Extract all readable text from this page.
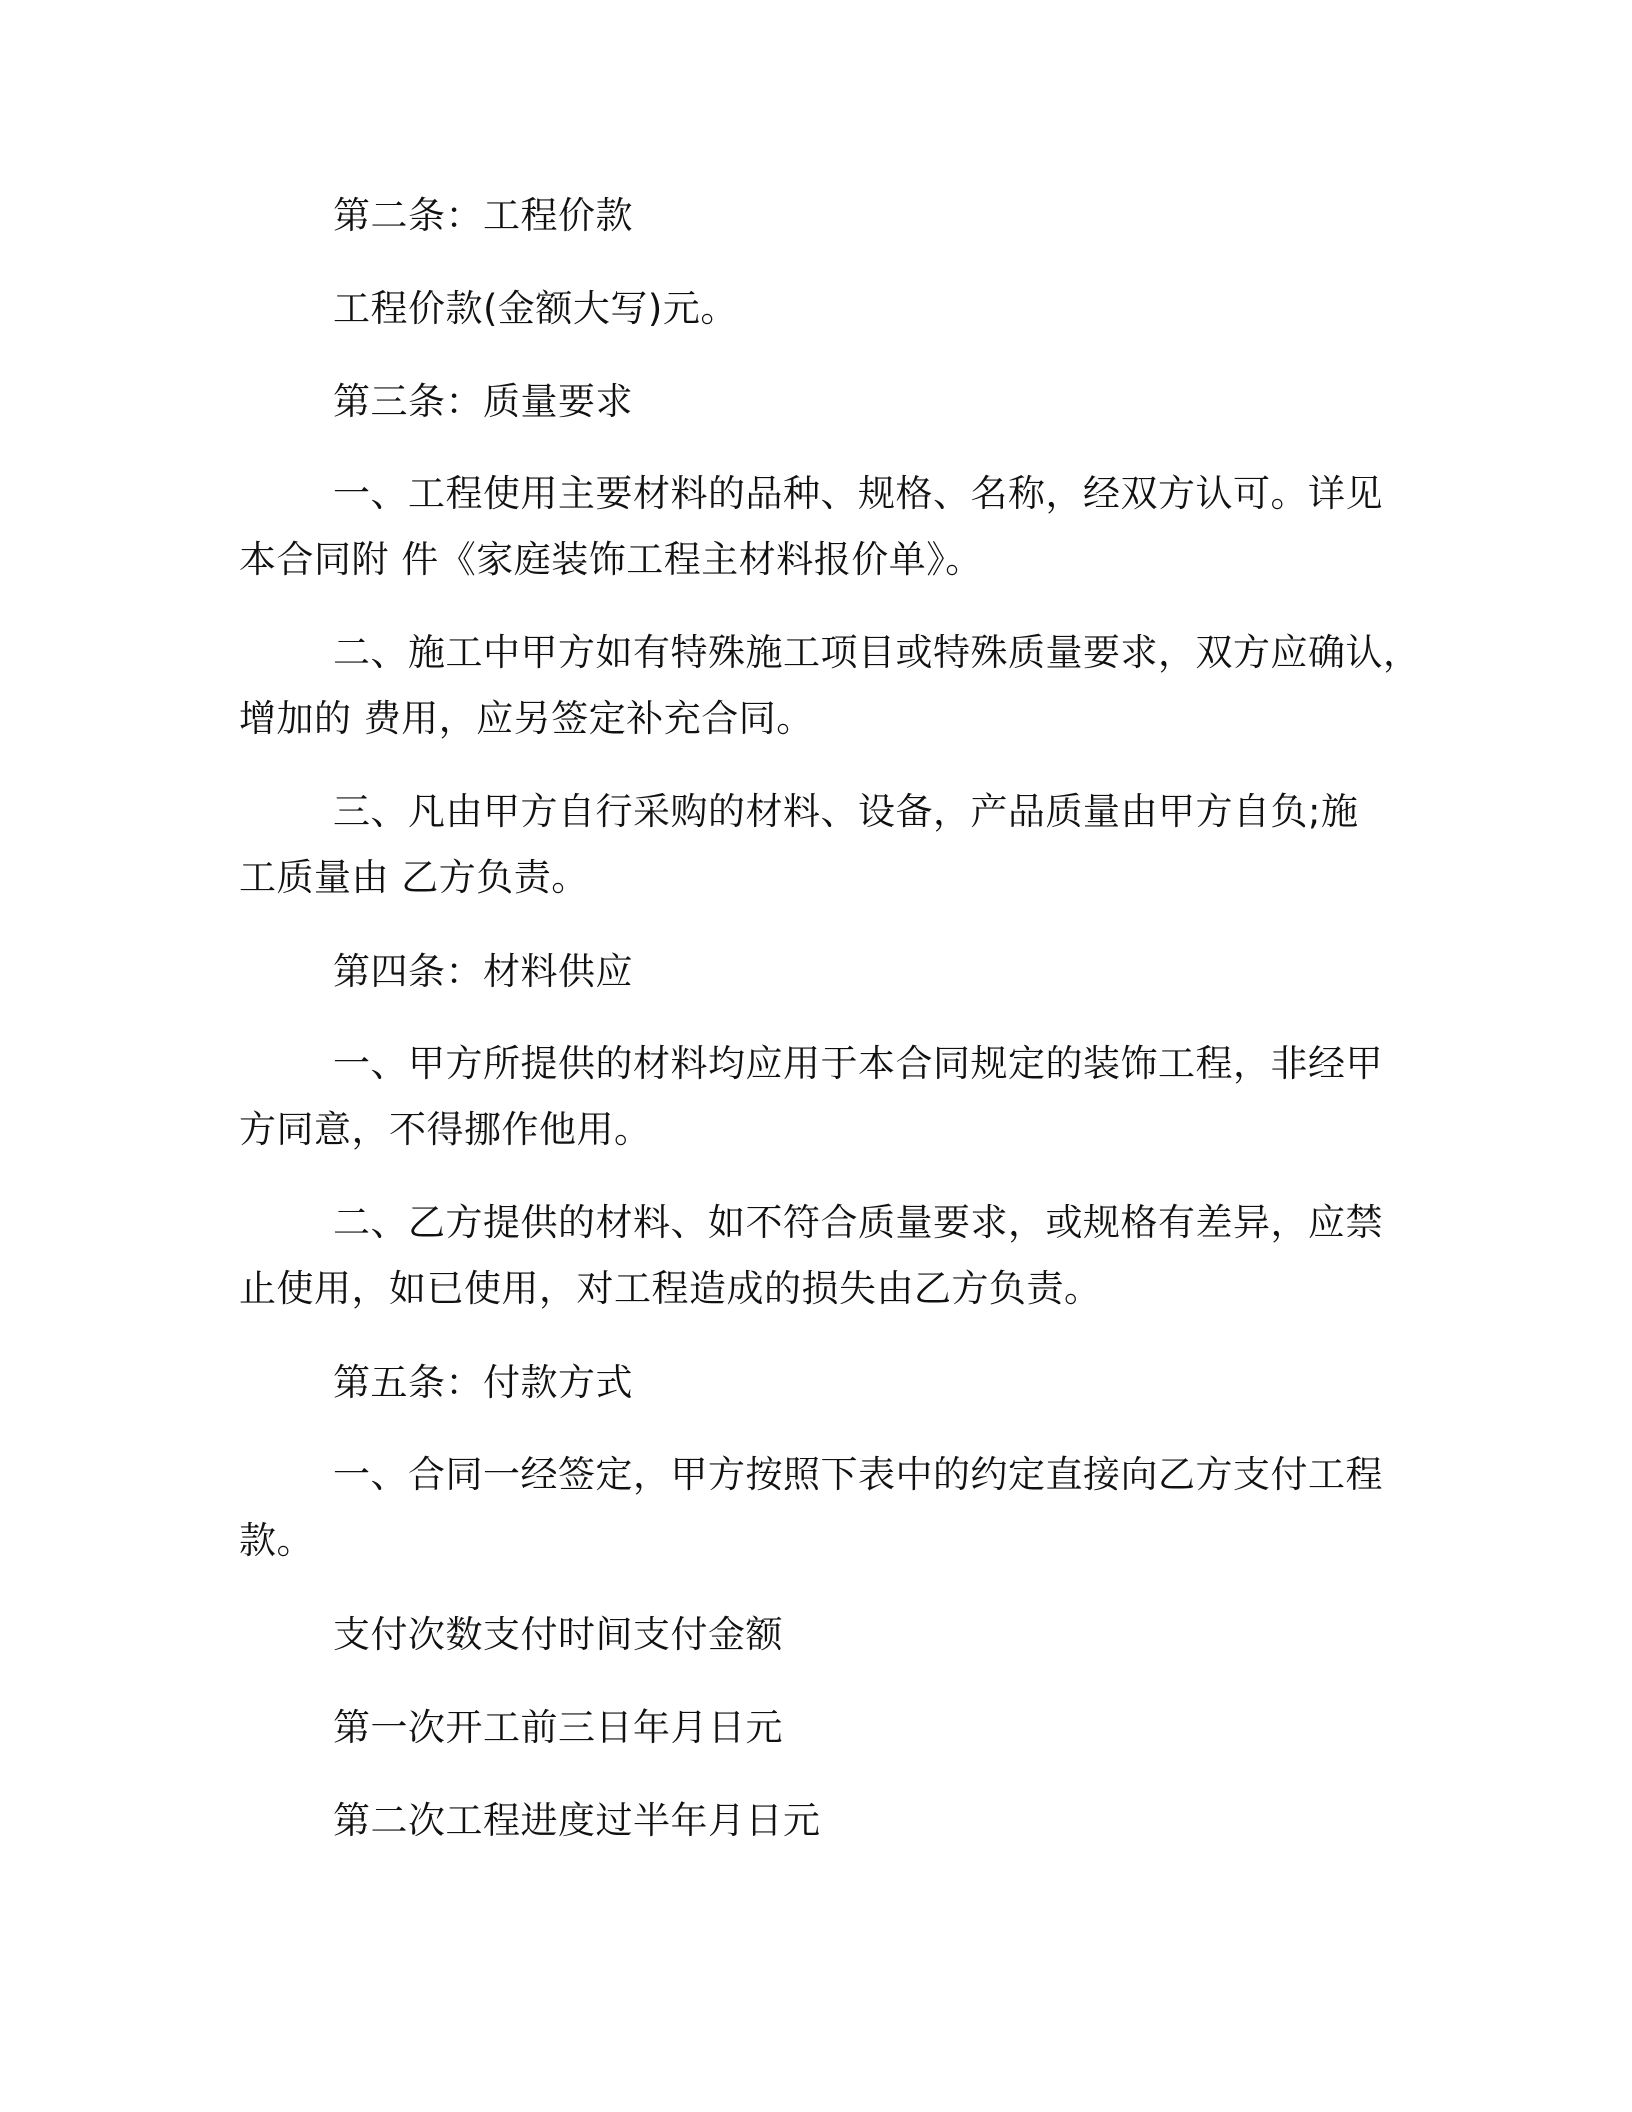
第二条：工程价款
工程价款(金额大写)元。
第三条：质量要求
一、工程使用主要材料的品种、规格、名称，经双方认可。详见
本合同附 件《家庭装饰工程主材料报价单》。
二、施工中甲方如有特殊施工项目或特殊质量要求，双方应确认，
增加的 费用，应另签定补充合同。
三、凡由甲方自行采购的材料、设备，产品质量由甲方自负;施
工质量由 乙方负责。
第四条：材料供应
一、甲方所提供的材料均应用于本合同规定的装饰工程，非经甲
方同意，不得挪作他用。
二、乙方提供的材料、如不符合质量要求，或规格有差异，应禁
止使用，如已使用，对工程造成的损失由乙方负责。
第五条：付款方式
一、合同一经签定，甲方按照下表中的约定直接向乙方支付工程
款。
支付次数支付时间支付金额
第一次开工前三日年月日元
第二次工程进度过半年月日元
